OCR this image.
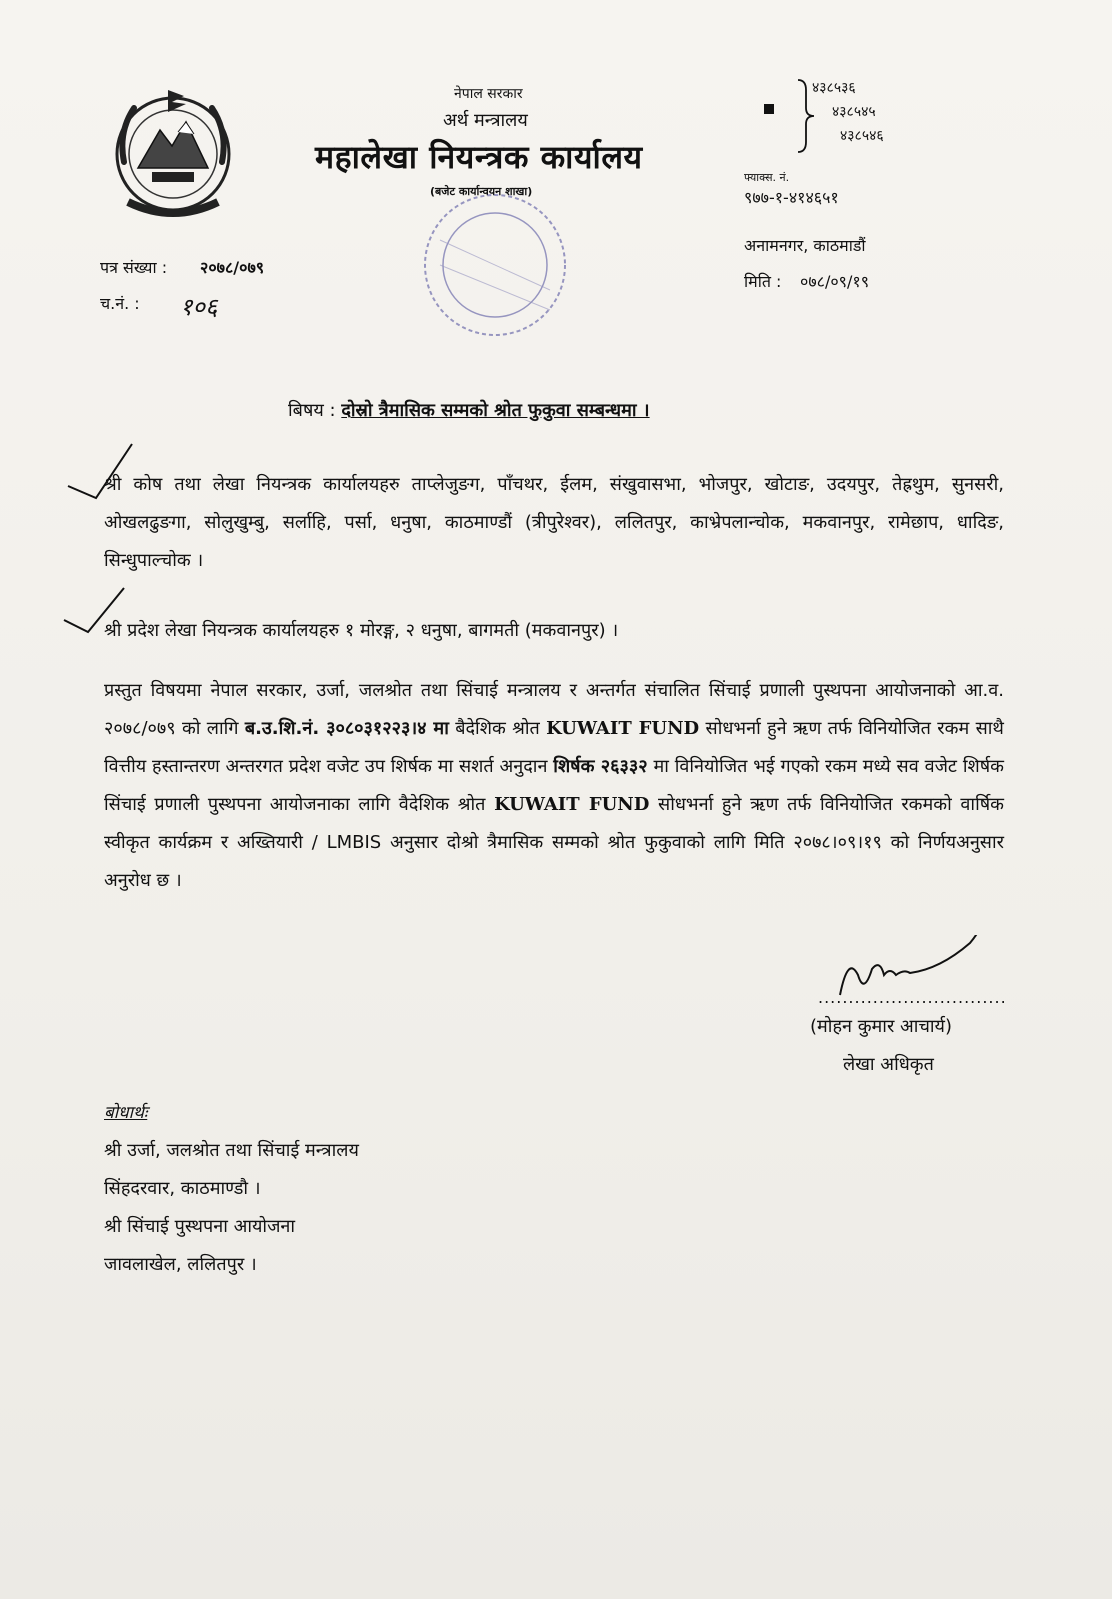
नेपाल सरकार
अर्थ मन्त्रालय
महालेखा नियन्त्रक कार्यालय
(बजेट कार्यान्वयन शाखा)
४३८५३६
४३८५४५
४३८५४६
फ्याक्स. नं.
९७७-१-४१४६५१
अनामनगर, काठमाडौं
मिति : ०७८/०९/१९
पत्र संख्या : २०७८/०७९
च.नं. : १०६
बिषय : दोस्रो त्रैमासिक सम्मको श्रोत फुकुवा सम्बन्धमा ।
श्री कोष तथा लेखा नियन्त्रक कार्यालयहरु ताप्लेजुङग, पाँचथर, ईलम, संखुवासभा, भोजपुर, खोटाङ, उदयपुर, तेह्रथुम, सुनसरी, ओखलढुङगा, सोलुखुम्बु, सर्लाहि, पर्सा, धनुषा, काठमाण्डौं (त्रीपुरेश्वर), ललितपुर, काभ्रेपलान्चोक, मकवानपुर, रामेछाप, धादिङ, सिन्धुपाल्चोक ।
श्री प्रदेश लेखा नियन्त्रक कार्यालयहरु १ मोरङ्ग, २ धनुषा, बागमती (मकवानपुर) ।
प्रस्तुत विषयमा नेपाल सरकार, उर्जा, जलश्रोत तथा सिंचाई मन्त्रालय र अन्तर्गत संचालित सिंचाई प्रणाली पुस्थपना आयोजनाको आ.व. २०७८/०७९ को लागि ब.उ.शि.नं. ३०८०३१२२३।४ मा बैदेशिक श्रोत KUWAIT FUND सोधभर्ना हुने ऋण तर्फ विनियोजित रकम साथै वित्तीय हस्तान्तरण अन्तरगत प्रदेश वजेट उप शिर्षक मा सशर्त अनुदान शिर्षक २६३३२ मा विनियोजित भई गएको रकम मध्ये सव वजेट शिर्षक सिंचाई प्रणाली पुस्थपना आयोजनाका लागि वैदेशिक श्रोत KUWAIT FUND सोधभर्ना हुने ऋण तर्फ विनियोजित रकमको वार्षिक स्वीकृत कार्यक्रम र अख्तियारी / LMBIS अनुसार दोश्रो त्रैमासिक सम्मको श्रोत फुकुवाको लागि मिति २०७८।०९।१९ को निर्णयअनुसार अनुरोध छ ।
...............................
(मोहन कुमार आचार्य)
लेखा अधिकृत
बोधार्थः
श्री उर्जा, जलश्रोत तथा सिंचाई मन्त्रालय
सिंहदरवार, काठमाण्डौ ।
श्री सिंचाई पुस्थपना आयोजना
जावलाखेल, ललितपुर ।
